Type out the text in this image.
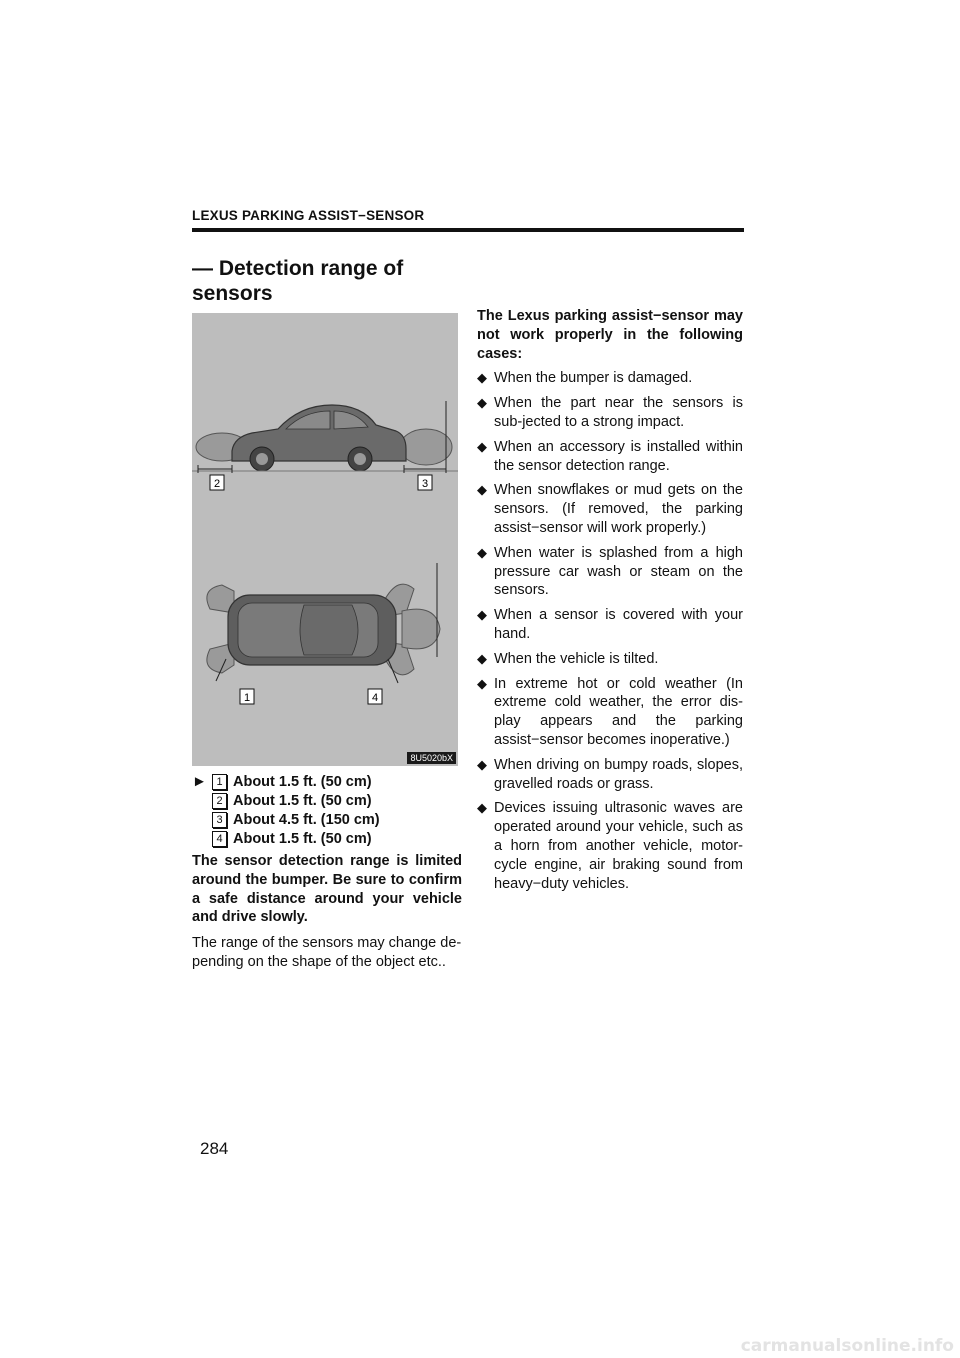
LEXUS PARKING ASSIST−SENSOR
— Detection range of sensors
2	3
1	4
8U5020bX
► 1 About 1.5 ft. (50 cm)
2 About 1.5 ft. (50 cm)
3 About 4.5 ft. (150 cm)
4 About 1.5 ft. (50 cm)
The sensor detection range is limited around the bumper. Be sure to confirm a safe distance around your vehicle and drive slowly.
The range of the sensors may change de-pending on the shape of the object etc..

The Lexus parking assist−sensor may not work properly in the following cases:

◆ When the bumper is damaged.
◆ When the part near the sensors is sub-jected to a strong impact.
◆ When an accessory is installed within the sensor detection range.
◆ When snowflakes or mud gets on the sensors. (If removed, the parking assist−sensor will work properly.)
◆ When water is splashed from a high pressure car wash or steam on the sensors.
◆ When a sensor is covered with your hand.
◆ When the vehicle is tilted.
◆ In extreme hot or cold weather (In extreme cold weather, the error dis-play appears and the parking assist−sensor becomes inoperative.)
◆ When driving on bumpy roads, slopes, gravelled roads or grass.
◆ Devices issuing ultrasonic waves are operated around your vehicle, such as a horn from another vehicle, motor-cycle engine, air braking sound from heavy−duty vehicles.
284
carmanualsonline.info
